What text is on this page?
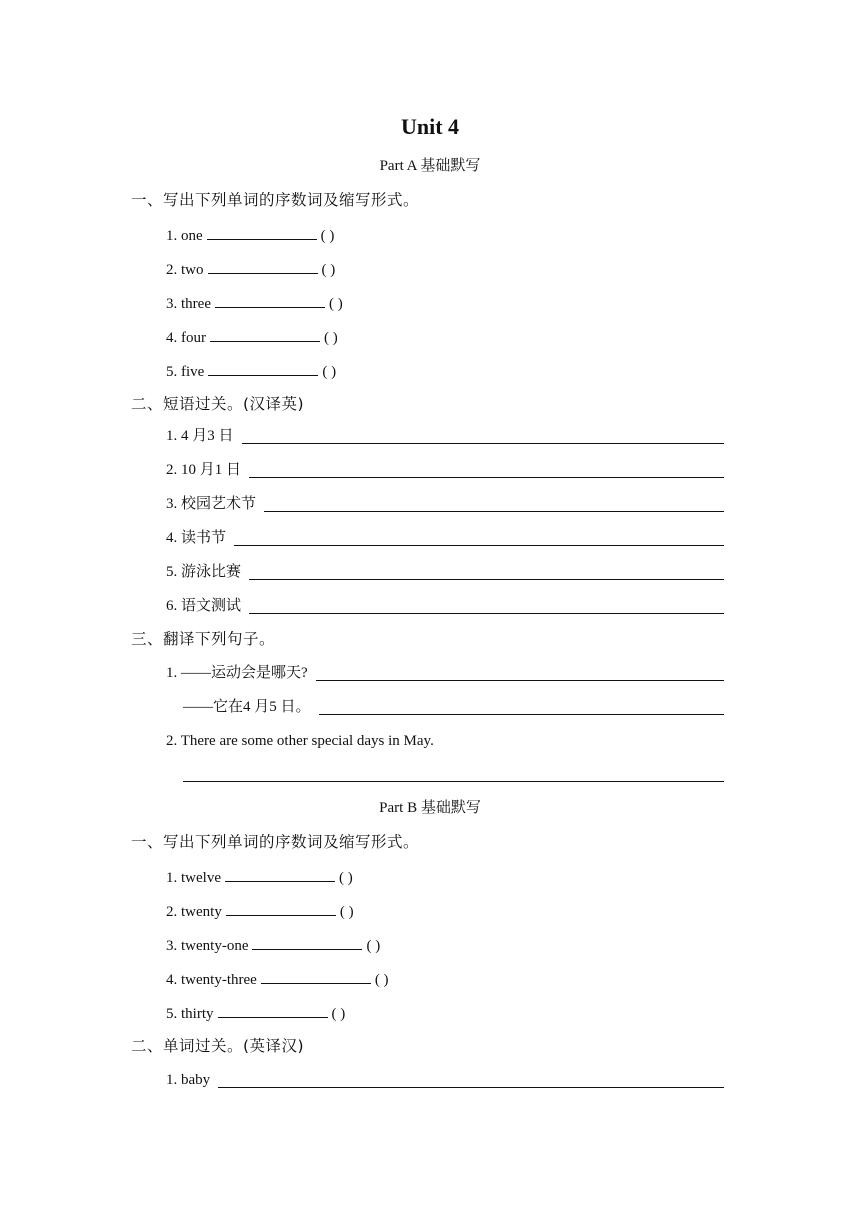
Unit 4
Part A 基础默写
一、写出下列单词的序数词及缩写形式。
1. one	( )
2. two	( )
3. three	( )
4. four	( )
5. five	( )
二、短语过关。(汉译英)
1. 4 月3 日
2. 10 月1 日
3. 校园艺术节
4. 读书节
5. 游泳比赛
6. 语文测试
三、翻译下列句子。
1. ——运动会是哪天?
——它在4 月5 日。
2. There are some other special days in May.
Part B 基础默写
一、写出下列单词的序数词及缩写形式。
1. twelve	( )
2. twenty	( )
3. twenty-one	( )
4. twenty-three	( )
5. thirty	( )
二、单词过关。(英译汉)
1. baby
